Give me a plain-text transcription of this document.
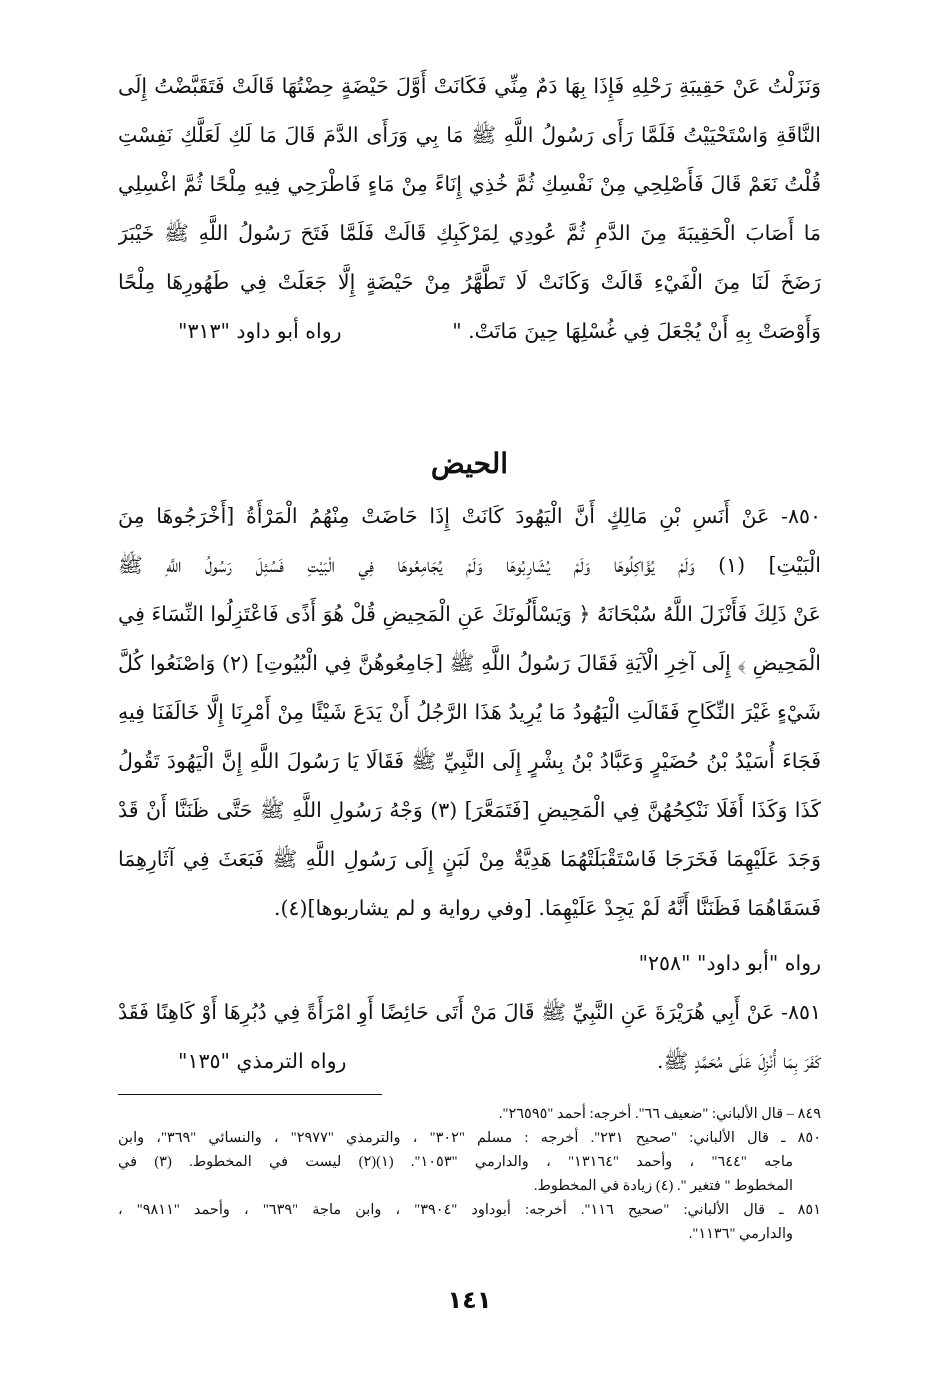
وَنَزَلْتُ عَنْ حَقِيبَةِ رَحْلِهِ فَإِذَا بِهَا دَمٌ مِنِّي فَكَانَتْ أَوَّلَ حَيْضَةٍ حِضْتُهَا قَالَتْ فَتَقَبَّضْتُ إِلَى
النَّاقَةِ وَاسْتَحْيَيْتُ فَلَمَّا رَأَى رَسُولُ اللَّهِ ﷺ مَا بِي وَرَأَى الدَّمَ قَالَ مَا لَكِ لَعَلَّكِ نَفِسْتِ
قُلْتُ نَعَمْ قَالَ فَأَصْلِحِي مِنْ نَفْسِكِ ثُمَّ خُذِي إِنَاءً مِنْ مَاءٍ فَاطْرَحِي فِيهِ مِلْحًا ثُمَّ اغْسِلِي
مَا أَصَابَ الْحَقِيبَةَ مِنَ الدَّمِ ثُمَّ عُودِي لِمَرْكَبِكِ قَالَتْ فَلَمَّا فَتَحَ رَسُولُ اللَّهِ ﷺ خَيْبَرَ
رَضَخَ لَنَا مِنَ الْفَيْءِ قَالَتْ وَكَانَتْ لَا تَطَّهَّرُ مِنْ حَيْضَةٍ إِلَّا جَعَلَتْ فِي طَهُورِهَا مِلْحًا
وَأَوْصَتْ بِهِ أَنْ يُجْعَلَ فِي غُسْلِهَا حِينَ مَاتَتْ. "
رواه أبو داود "٣١٣"
الحيض
٨٥٠- عَنْ أَنَسِ بْنِ مَالِكٍ أَنَّ الْيَهُودَ كَانَتْ إِذَا حَاضَتْ مِنْهُمُ الْمَرْأَةُ [أَخْرَجُوهَا مِنَ
الْبَيْتِ] (١) وَلَمْ يُؤَاكِلُوهَا وَلَمْ يُشَارِبُوهَا وَلَمْ يُجَامِعُوهَا فِي الْبَيْتِ فَسُئِلَ رَسُولُ اللَّهِ ﷺ
عَنْ ذَلِكَ فَأَنْزَلَ اللَّهُ سُبْحَانَهُ ﴿ وَيَسْأَلُونَكَ عَنِ الْمَحِيضِ قُلْ هُوَ أَذًى فَاعْتَزِلُوا النِّسَاءَ فِي
الْمَحِيضِ ﴾ إِلَى آخِرِ الْآيَةِ فَقَالَ رَسُولُ اللَّهِ ﷺ [جَامِعُوهُنَّ فِي الْبُيُوتِ] (٢) وَاصْنَعُوا كُلَّ
شَيْءٍ غَيْرَ النِّكَاحِ فَقَالَتِ الْيَهُودُ مَا يُرِيدُ هَذَا الرَّجُلُ أَنْ يَدَعَ شَيْئًا مِنْ أَمْرِنَا إِلَّا خَالَفَنَا فِيهِ
فَجَاءَ أُسَيْدُ بْنُ حُضَيْرٍ وَعَبَّادُ بْنُ بِشْرٍ إِلَى النَّبِيِّ ﷺ فَقَالَا يَا رَسُولَ اللَّهِ إِنَّ الْيَهُودَ تَقُولُ
كَذَا وَكَذَا أَفَلَا نَنْكِحُهُنَّ فِي الْمَحِيضِ [فَتَمَعَّرَ] (٣) وَجْهُ رَسُولِ اللَّهِ ﷺ حَتَّى ظَنَنَّا أَنْ قَدْ
وَجَدَ عَلَيْهِمَا فَخَرَجَا فَاسْتَقْبَلَتْهُمَا هَدِيَّةٌ مِنْ لَبَنٍ إِلَى رَسُولِ اللَّهِ ﷺ فَبَعَثَ فِي آثَارِهِمَا
فَسَقَاهُمَا فَظَنَنَّا أَنَّهُ لَمْ يَجِدْ عَلَيْهِمَا. [وفي رواية و لم يشاربوها](٤).
رواه "أبو داود" "٢٥٨"
٨٥١- عَنْ أَبِي هُرَيْرَةَ عَنِ النَّبِيِّ ﷺ قَالَ مَنْ أَتَى حَائِضًا أَوِ امْرَأَةً فِي دُبُرِهَا أَوْ كَاهِنًا فَقَدْ
كَفَرَ بِمَا أُنْزِلَ عَلَى مُحَمَّدٍ ﷺ.
رواه الترمذي "١٣٥"
٨٤٩ – قال الألباني: "ضعيف ٦٦". أخرجه: أحمد "٢٦٥٩٥".
٨٥٠ ـ قال الألباني: "صحيح ٢٣١". أخرجه : مسلم "٣٠٢" ، والترمذي "٢٩٧٧" ، والنسائي "٣٦٩"، وابن
ماجه "٦٤٤" ، وأحمد "١٣١٦٤" ، والدارمي "١٠٥٣". (١)(٢) ليست في المخطوط. (٣) في
المخطوط " فتغير ". (٤) زيادة في المخطوط.
٨٥١ ـ قال الألباني: "صحيح ١١٦". أخرجه: أبوداود "٣٩٠٤" ، وابن ماجة "٦٣٩" ، وأحمد "٩٨١١" ،
والدارمي "١١٣٦".
١٤١
